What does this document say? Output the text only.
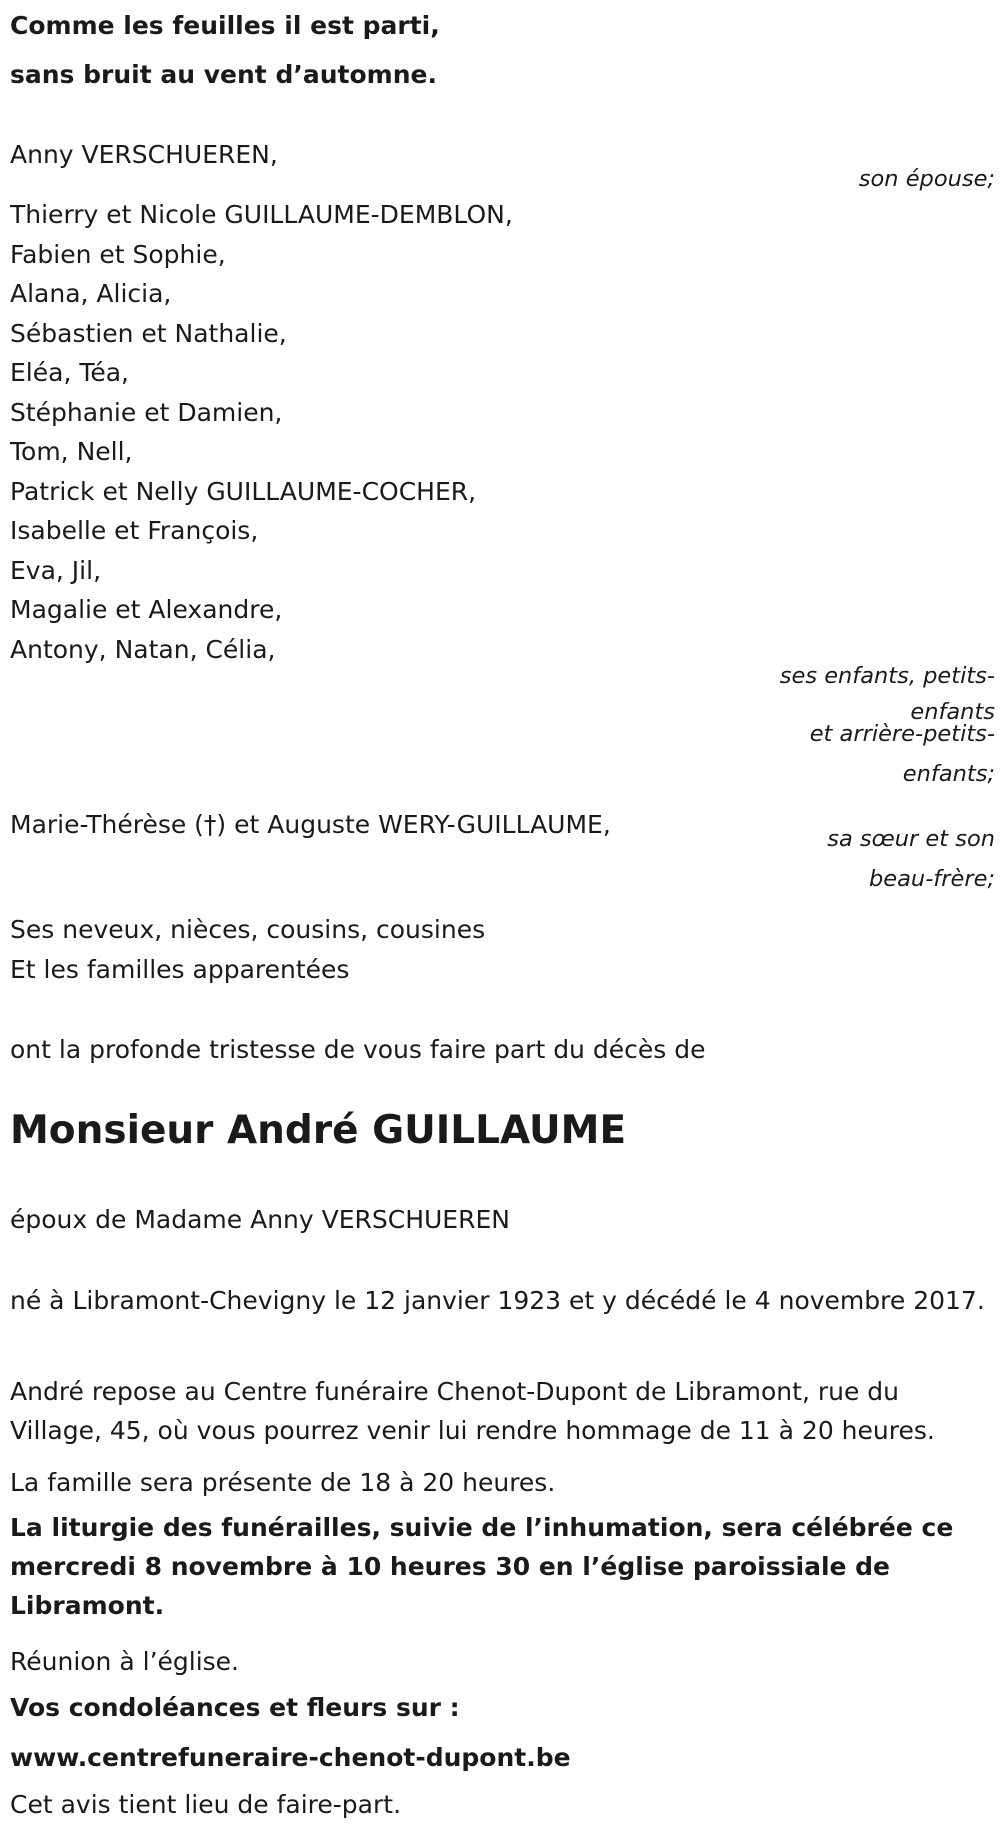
Comme les feuilles il est parti,
sans bruit au vent d’automne.
Anny VERSCHUEREN,
son épouse;
Thierry et Nicole GUILLAUME-DEMBLON,
Fabien et Sophie,
Alana, Alicia,
Sébastien et Nathalie,
Eléa, Téa,
Stéphanie et Damien,
Tom, Nell,
Patrick et Nelly GUILLAUME-COCHER,
Isabelle et François,
Eva, Jil,
Magalie et Alexandre,
Antony, Natan, Célia,
ses enfants, petits-
enfants
et arrière-petits-
enfants;
Marie-Thérèse (†) et Auguste WERY-GUILLAUME,	sa sœur et son
beau-frère;
Ses neveux, nièces, cousins, cousines
Et les familles apparentées
ont la profonde tristesse de vous faire part du décès de
Monsieur André GUILLAUME
époux de Madame Anny VERSCHUEREN
né à Libramont-Chevigny le 12 janvier 1923 et y décédé le 4 novembre 2017.
André repose au Centre funéraire Chenot-Dupont de Libramont, rue du Village, 45, où vous pourrez venir lui rendre hommage de 11 à 20 heures.
La famille sera présente de 18 à 20 heures.
La liturgie des funérailles, suivie de l’inhumation, sera célébrée ce mercredi 8 novembre à 10 heures 30 en l’église paroissiale de Libramont.
Réunion à l’église.
Vos condoléances et fleurs sur :
www.centrefuneraire-chenot-dupont.be
Cet avis tient lieu de faire-part.
